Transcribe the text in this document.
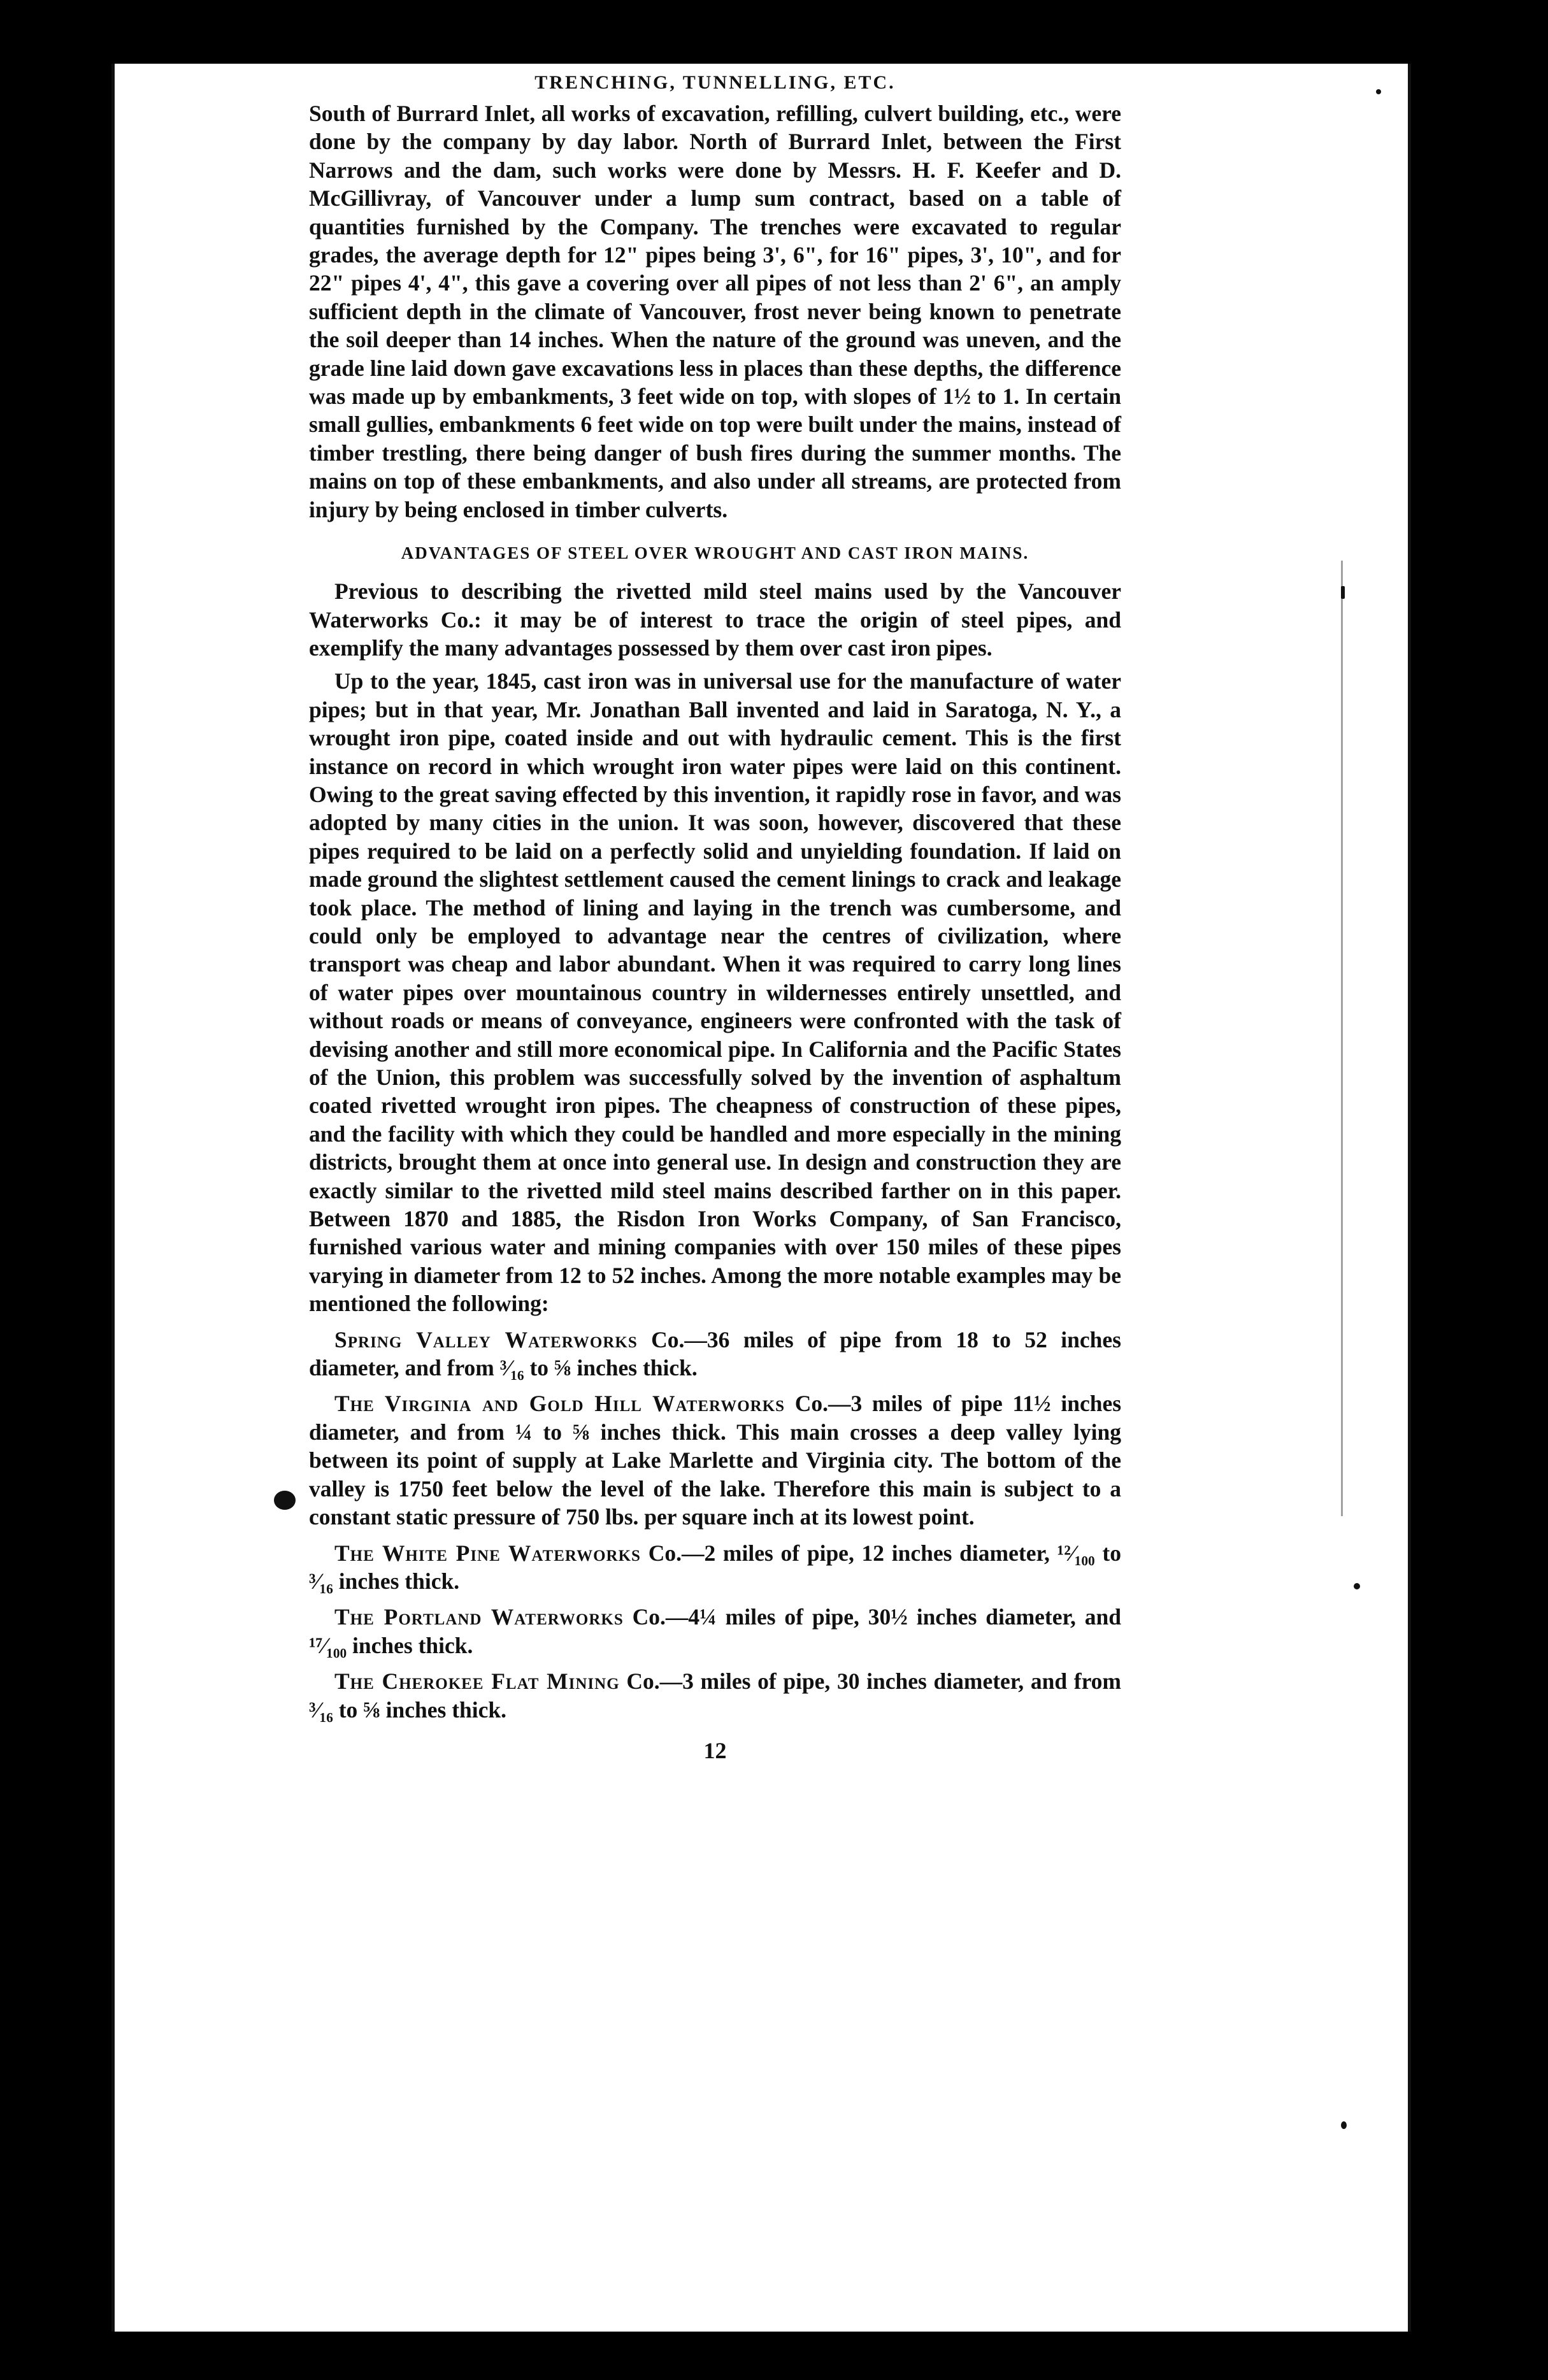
TRENCHING, TUNNELLING, ETC.

South of Burrard Inlet, all works of excavation, refilling, culvert building, etc., were done by the company by day labor. North of Burrard Inlet, between the First Narrows and the dam, such works were done by Messrs. H. F. Keefer and D. McGillivray, of Vancouver under a lump sum contract, based on a table of quantities furnished by the Company. The trenches were excavated to regular grades, the average depth for 12" pipes being 3', 6", for 16" pipes, 3', 10", and for 22" pipes 4', 4", this gave a covering over all pipes of not less than 2' 6", an amply sufficient depth in the climate of Vancouver, frost never being known to penetrate the soil deeper than 14 inches. When the nature of the ground was uneven, and the grade line laid down gave excavations less in places than these depths, the difference was made up by embankments, 3 feet wide on top, with slopes of 1½ to 1. In certain small gullies, embankments 6 feet wide on top were built under the mains, instead of timber trestling, there being danger of bush fires during the summer months. The mains on top of these embankments, and also under all streams, are protected from injury by being enclosed in timber culverts.

ADVANTAGES OF STEEL OVER WROUGHT AND CAST IRON MAINS.

Previous to describing the rivetted mild steel mains used by the Vancouver Waterworks Co.: it may be of interest to trace the origin of steel pipes, and exemplify the many advantages possessed by them over cast iron pipes.

Up to the year, 1845, cast iron was in universal use for the manufacture of water pipes; but in that year, Mr. Jonathan Ball invented and laid in Saratoga, N. Y., a wrought iron pipe, coated inside and out with hydraulic cement. This is the first instance on record in which wrought iron water pipes were laid on this continent. Owing to the great saving effected by this invention, it rapidly rose in favor, and was adopted by many cities in the union. It was soon, however, discovered that these pipes required to be laid on a perfectly solid and unyielding foundation. If laid on made ground the slightest settlement caused the cement linings to crack and leakage took place. The method of lining and laying in the trench was cumbersome, and could only be employed to advantage near the centres of civilization, where transport was cheap and labor abundant. When it was required to carry long lines of water pipes over mountainous country in wildernesses entirely unsettled, and without roads or means of conveyance, engineers were confronted with the task of devising another and still more economical pipe. In California and the Pacific States of the Union, this problem was successfully solved by the invention of asphaltum coated rivetted wrought iron pipes. The cheapness of construction of these pipes, and the facility with which they could be handled and more especially in the mining districts, brought them at once into general use. In design and construction they are exactly similar to the rivetted mild steel mains described farther on in this paper. Between 1870 and 1885, the Risdon Iron Works Company, of San Francisco, furnished various water and mining companies with over 150 miles of these pipes varying in diameter from 12 to 52 inches. Among the more notable examples may be mentioned the following:

Spring Valley Waterworks Co.—36 miles of pipe from 18 to 52 inches diameter, and from ³⁄₁₆ to ⅝ inches thick.

The Virginia and Gold Hill Waterworks Co.—3 miles of pipe 11½ inches diameter, and from ¼ to ⅝ inches thick. This main crosses a deep valley lying between its point of supply at Lake Marlette and Virginia city. The bottom of the valley is 1750 feet below the level of the lake. Therefore this main is subject to a constant static pressure of 750 lbs. per square inch at its lowest point.

The White Pine Waterworks Co.—2 miles of pipe, 12 inches diameter, ¹²⁄₁₀₀ to ³⁄₁₆ inches thick.

The Portland Waterworks Co.—4¼ miles of pipe, 30½ inches diameter, and ¹⁷⁄₁₀₀ inches thick.

The Cherokee Flat Mining Co.—3 miles of pipe, 30 inches diameter, and from ³⁄₁₆ to ⅝ inches thick.

12
